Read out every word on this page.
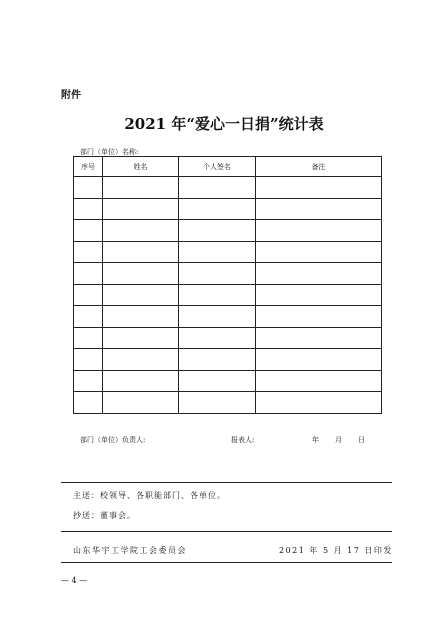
附件
2021 年“爱心一日捐”统计表
部门（单位）名称:
序号	姓名	个人签名	备注

部门（单位）负责人:	报表人:	年 月 日
主送：校领导、各职能部门、各单位。
抄送：董事会。
山东华宇工学院工会委员会	2021 年 5 月 17 日印发
— 4 —
